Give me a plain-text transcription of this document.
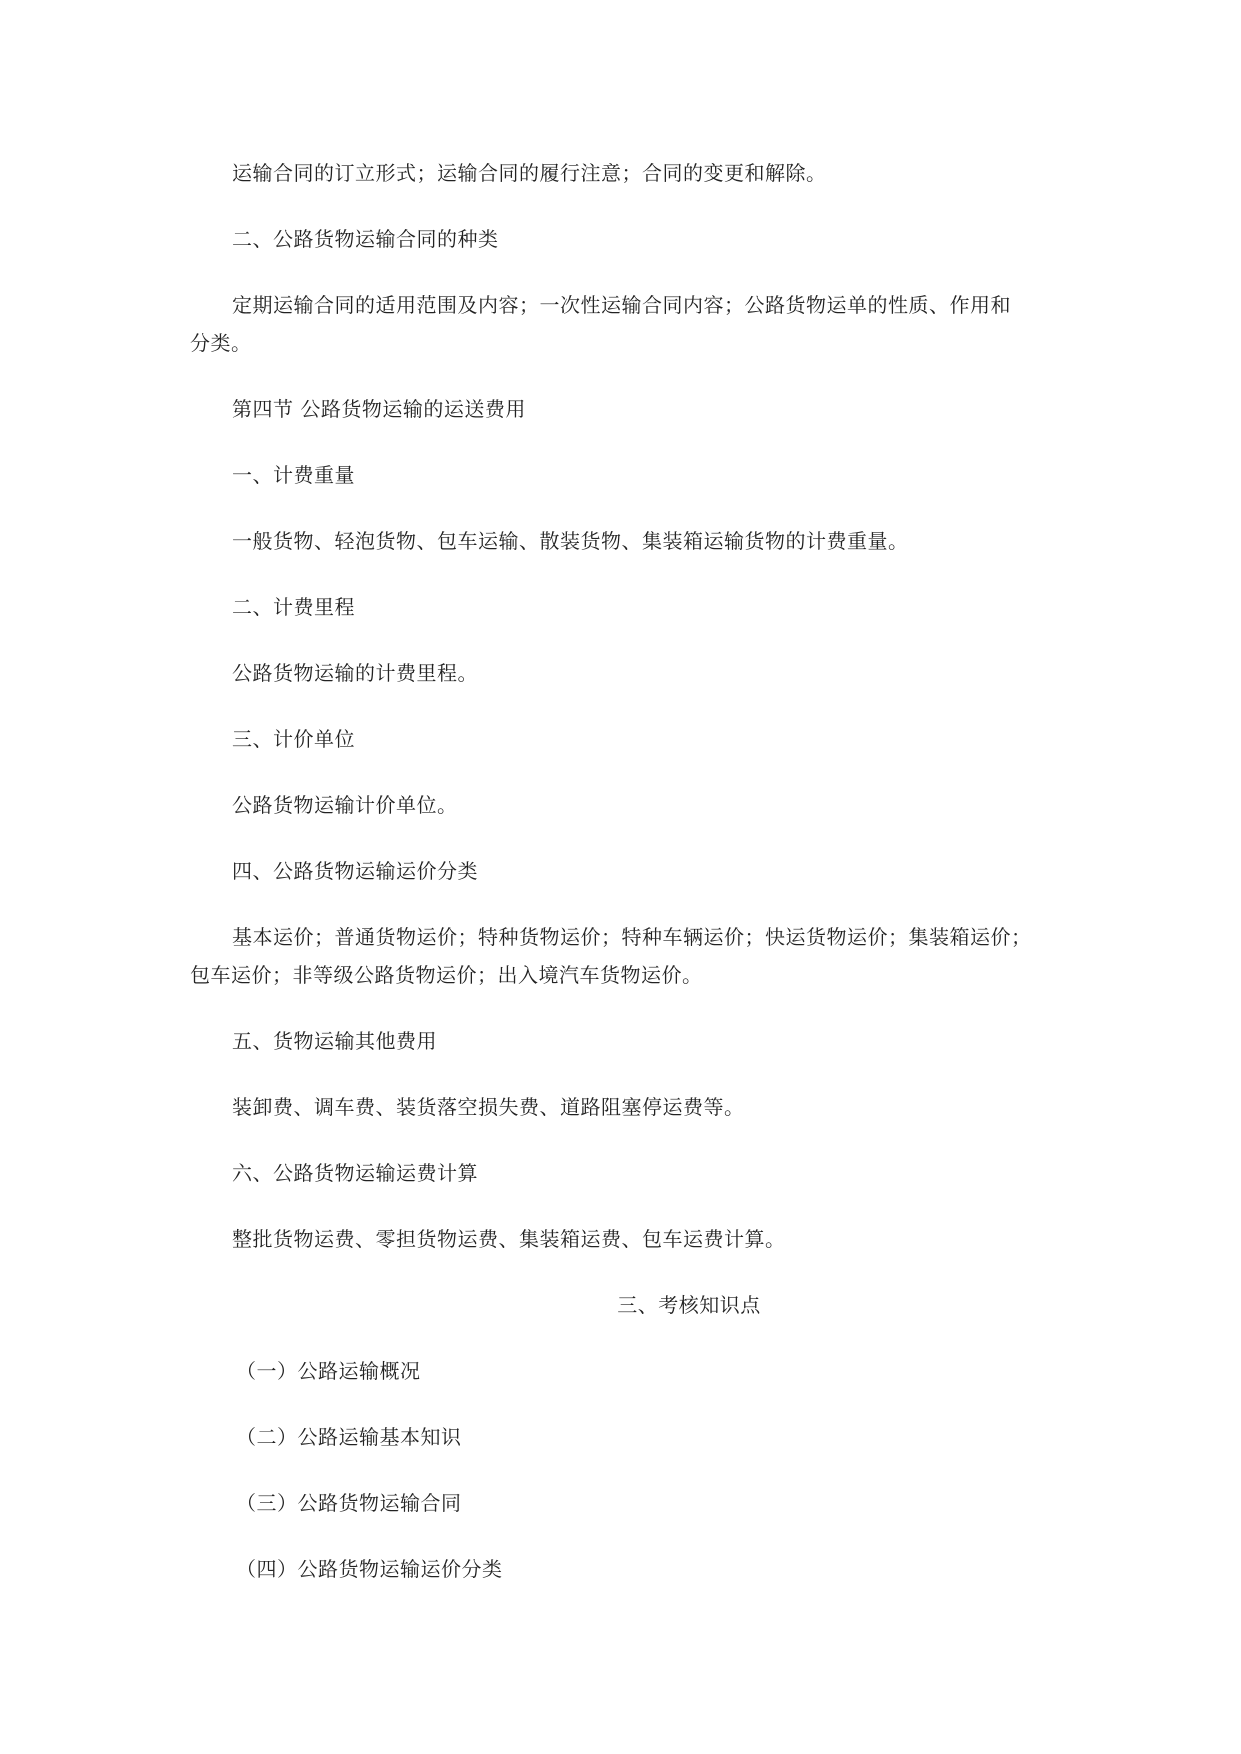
运输合同的订立形式；运输合同的履行注意；合同的变更和解除。
二、公路货物运输合同的种类
定期运输合同的适用范围及内容；一次性运输合同内容；公路货物运单的性质、作用和
分类。
第四节 公路货物运输的运送费用
一、计费重量
一般货物、轻泡货物、包车运输、散装货物、集装箱运输货物的计费重量。
二、计费里程
公路货物运输的计费里程。
三、计价单位
公路货物运输计价单位。
四、公路货物运输运价分类
基本运价；普通货物运价；特种货物运价；特种车辆运价；快运货物运价；集装箱运价；
包车运价；非等级公路货物运价；出入境汽车货物运价。
五、货物运输其他费用
装卸费、调车费、装货落空损失费、道路阻塞停运费等。
六、公路货物运输运费计算
整批货物运费、零担货物运费、集装箱运费、包车运费计算。
三、考核知识点
（一）公路运输概况
（二）公路运输基本知识
（三）公路货物运输合同
（四）公路货物运输运价分类
